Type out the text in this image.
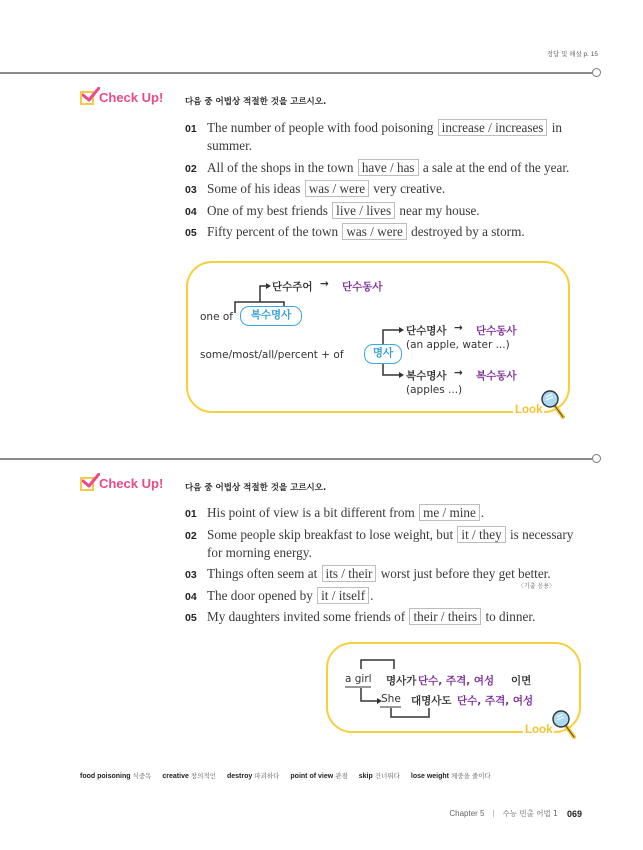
정답 및 해설 p. 15
Check Up!	다음 중 어법상 적절한 것을 고르시오.
01 The number of people with food poisoning increase / increases in summer.
02 All of the shops in the town have / has a sale at the end of the year.
03 Some of his ideas was / were very creative.
04 One of my best friends live / lives near my house.
05 Fifty percent of the town was / were destroyed by a storm.
Look
단수주어 → 단수동사
one of	복수명사
some/most/all/percent + of	명사
단수명사 → 단수동사
(an apple, water ...)
복수명사 → 복수동사
(apples ...)
Check Up!	다음 중 어법상 적절한 것을 고르시오.
01 His point of view is a bit different from me / mine .
02 Some people skip breakfast to lose weight, but it / they is necessary for morning energy.
03 Things often seem at its / their worst just before they get better.
〈기출 응용〉
04 The door opened by it / itself .
05 My daughters invited some friends of their / theirs to dinner.
Look
a girl 명사가 단수, 주격, 여성 이면
She 대명사도 단수, 주격, 여성
food poisoning 식중독 creative 창의적인 destroy 파괴하다 point of view 관점 skip 건너뛰다 lose weight 체중을 줄이다
Chapter 5 | 수능 빈출 어법 1 069
